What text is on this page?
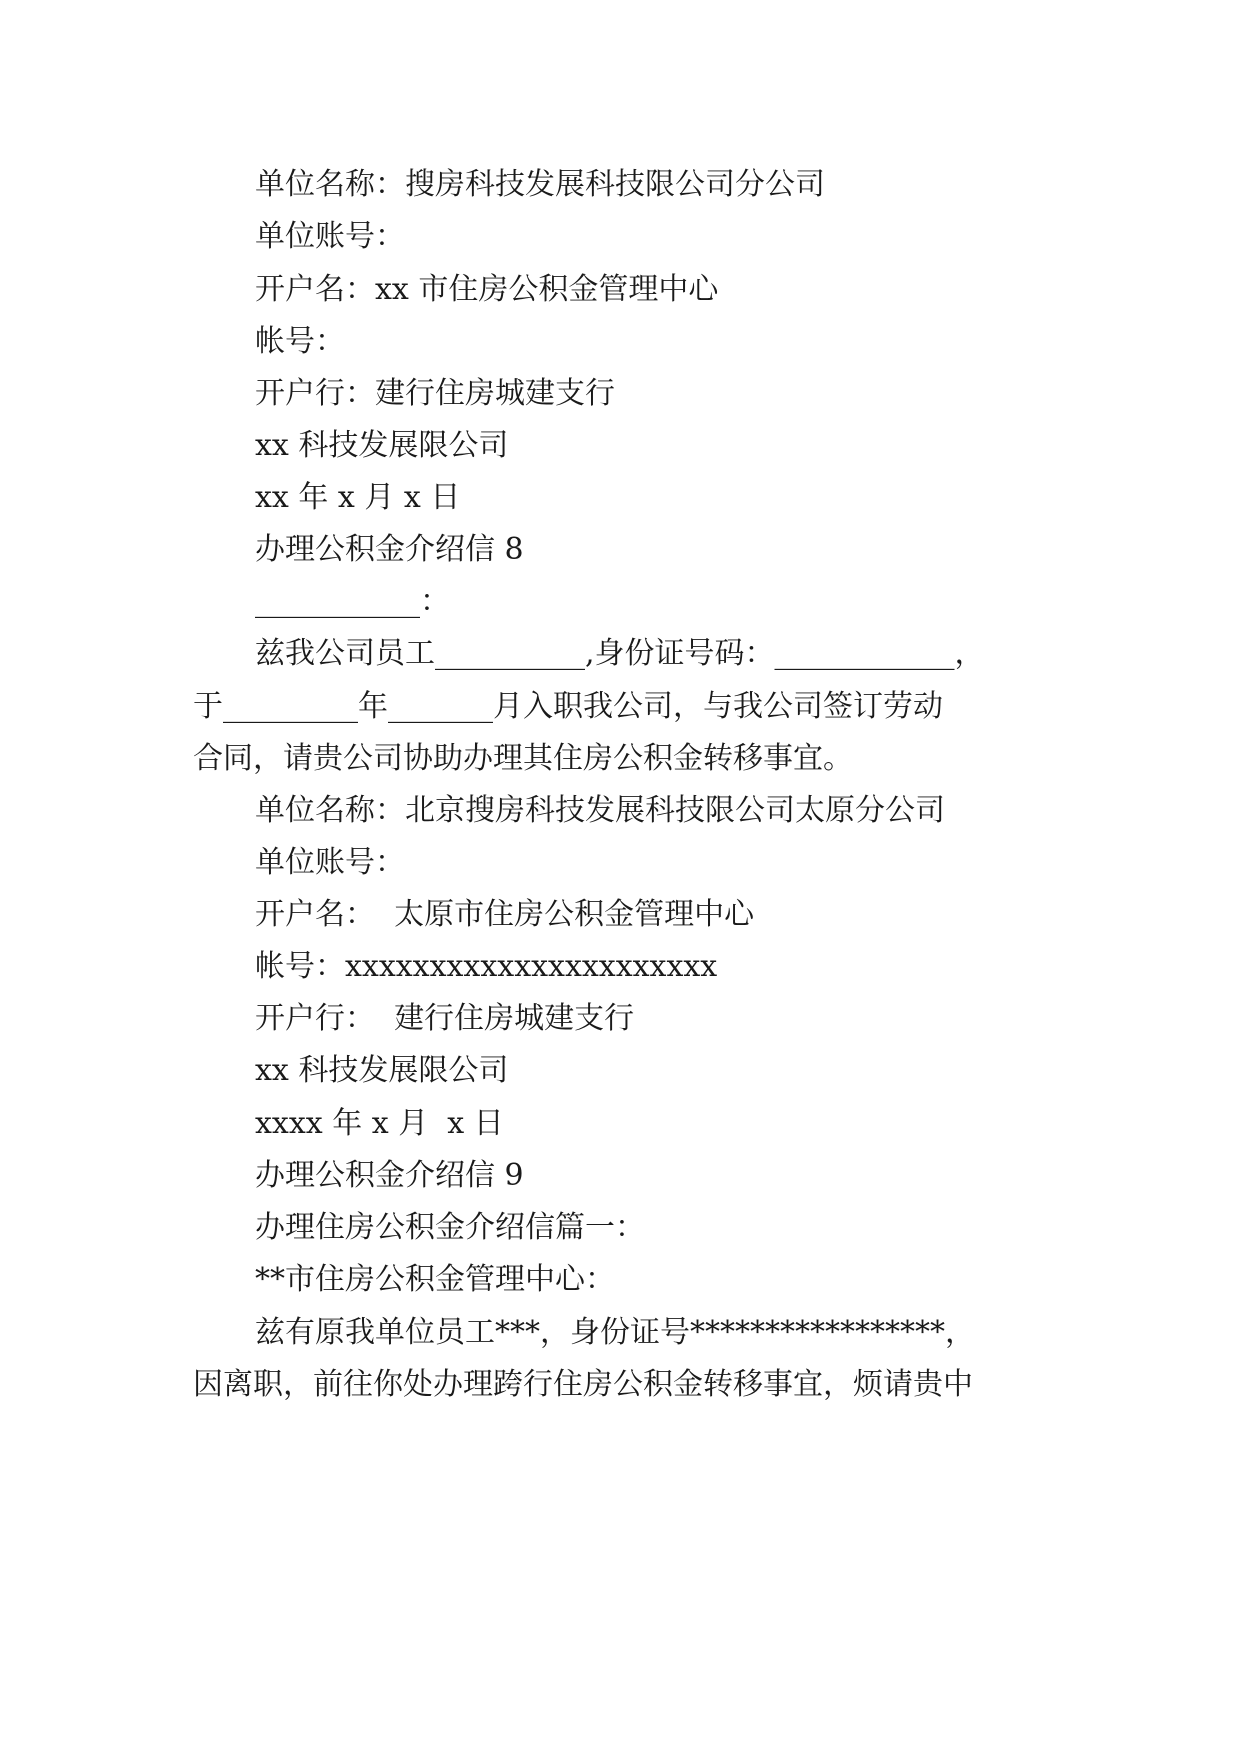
单位名称：搜房科技发展科技限公司分公司
单位账号：
开户名：xx 市住房公积金管理中心
帐号：
开户行：建行住房城建支行
xx 科技发展限公司
xx 年 x 月 x 日
办理公积金介绍信 8
___________：
兹我公司员工__________,身份证号码：____________，
于_________年_______月入职我公司，与我公司签订劳动
合同，请贵公司协助办理其住房公积金转移事宜。
单位名称：北京搜房科技发展科技限公司太原分公司
单位账号：
开户名：  太原市住房公积金管理中心
帐号：xxxxxxxxxxxxxxxxxxxxxx
开户行：  建行住房城建支行
xx 科技发展限公司
xxxx 年 x 月  x 日
办理公积金介绍信 9
办理住房公积金介绍信篇一：
**市住房公积金管理中心：
兹有原我单位员工***，身份证号*****************，
因离职，前往你处办理跨行住房公积金转移事宜，烦请贵中
